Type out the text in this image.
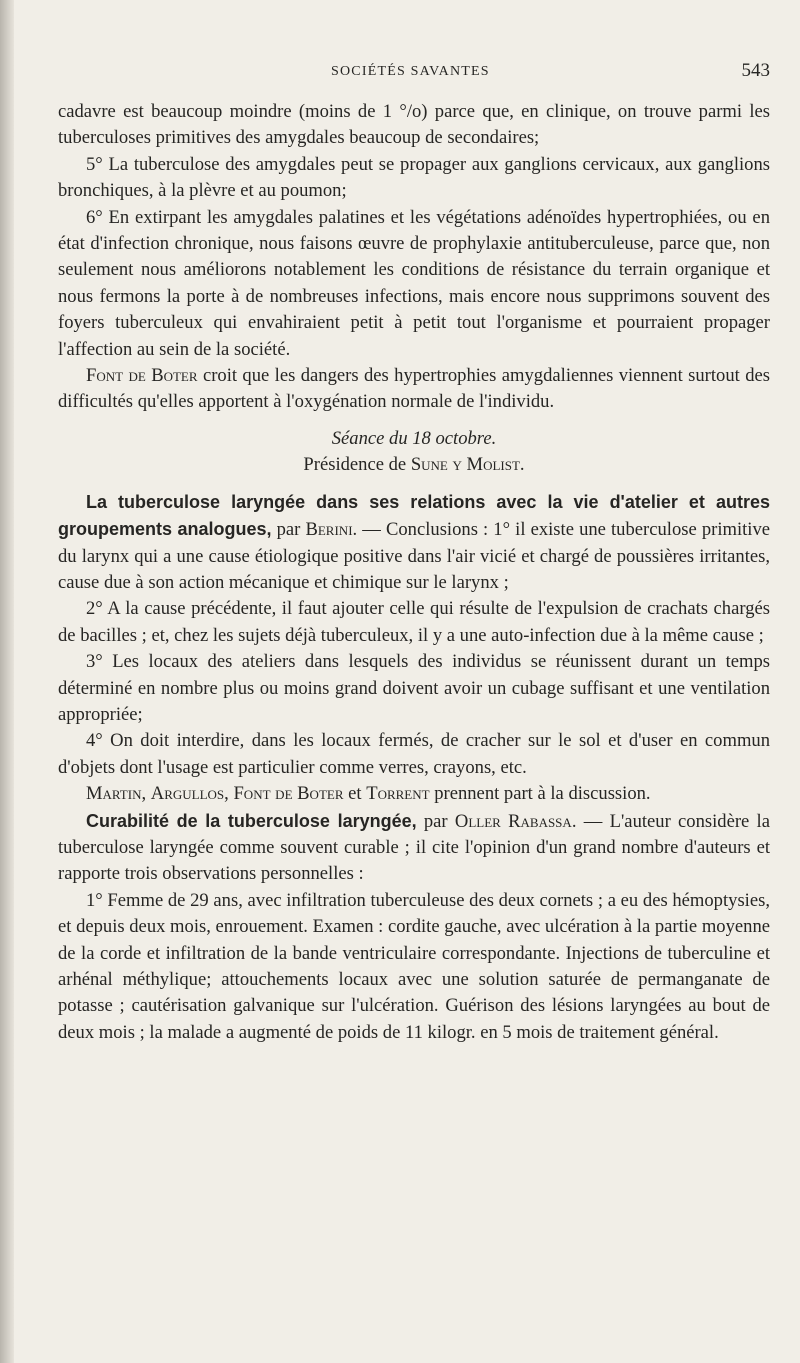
SOCIÉTÉS SAVANTES	543

cadavre est beaucoup moindre (moins de 1 °/o) parce que, en clinique, on trouve parmi les tuberculoses primitives des amygdales beaucoup de secondaires;

5° La tuberculose des amygdales peut se propager aux ganglions cervicaux, aux ganglions bronchiques, à la plèvre et au poumon;

6° En extirpant les amygdales palatines et les végétations adénoïdes hypertrophiées, ou en état d'infection chronique, nous faisons œuvre de prophylaxie antituberculeuse, parce que, non seulement nous améliorons notablement les conditions de résistance du terrain organique et nous fermons la porte à de nombreuses infections, mais encore nous supprimons souvent des foyers tuberculeux qui envahiraient petit à petit tout l'organisme et pourraient propager l'affection au sein de la société.

Font de Boter croit que les dangers des hypertrophies amygdaliennes viennent surtout des difficultés qu'elles apportent à l'oxygénation normale de l'individu.

Séance du 18 octobre.

Présidence de Sune y Molist.

La tuberculose laryngée dans ses relations avec la vie d'atelier et autres groupements analogues, par Berini. — Conclusions : 1° il existe une tuberculose primitive du larynx qui a une cause étiologique positive dans l'air vicié et chargé de poussières irritantes, cause due à son action mécanique et chimique sur le larynx ;

2° A la cause précédente, il faut ajouter celle qui résulte de l'expulsion de crachats chargés de bacilles ; et, chez les sujets déjà tuberculeux, il y a une auto-infection due à la même cause ;

3° Les locaux des ateliers dans lesquels des individus se réunissent durant un temps déterminé en nombre plus ou moins grand doivent avoir un cubage suffisant et une ventilation appropriée;

4° On doit interdire, dans les locaux fermés, de cracher sur le sol et d'user en commun d'objets dont l'usage est particulier comme verres, crayons, etc.

Martin, Argullos, Font de Boter et Torrent prennent part à la discussion.

Curabilité de la tuberculose laryngée, par Oller Rabassa. — L'auteur considère la tuberculose laryngée comme souvent curable ; il cite l'opinion d'un grand nombre d'auteurs et rapporte trois observations personnelles :

1° Femme de 29 ans, avec infiltration tuberculeuse des deux cornets ; a eu des hémoptysies, et depuis deux mois, enrouement. Examen : cordite gauche, avec ulcération à la partie moyenne de la corde et infiltration de la bande ventriculaire correspondante. Injections de tuberculine et arhénal méthylique; attouchements locaux avec une solution saturée de permanganate de potasse ; cautérisation galvanique sur l'ulcération. Guérison des lésions laryngées au bout de deux mois ; la malade a augmenté de poids de 11 kilogr. en 5 mois de traitement général.
